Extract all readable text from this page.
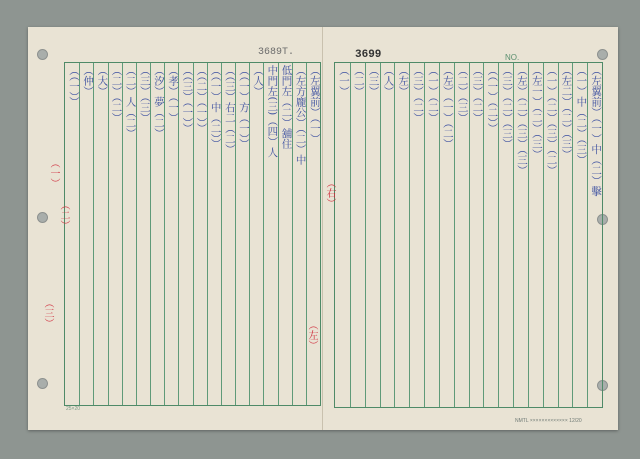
3689T.	3699	NO.
25×20
NMTL ××××××××××××× 12/20
（左翼前）（一）
（左方龐公）（二）中
低門左（二）舖住
中門左(三)（四）人
（人）
（（一）方（一））
（（三）右二（二）
（（一）中（二））
（（二）（一））
（（三）（一））
（孝）（一）
（汐）夢（二）
（三）（三）
（二）人（二）
（二）（二）
（大）
（仲）
（（一））	（左翼前）（一）中（二）擊
（一）中（二）（三）
（左二）（二）（三）
（一）（二）（三）（二）
（左一）（二）（三）
（左）（二）（三）（三）
（三）（二）（三）
（（一）（二））
（三）（二）
（二）（三）
（左）（一）（二）
（一）（二）
（三）（二）
（左）
（人）
（三）
（二）
（一）
（一）
（二）
（三）
（左）
（右）
